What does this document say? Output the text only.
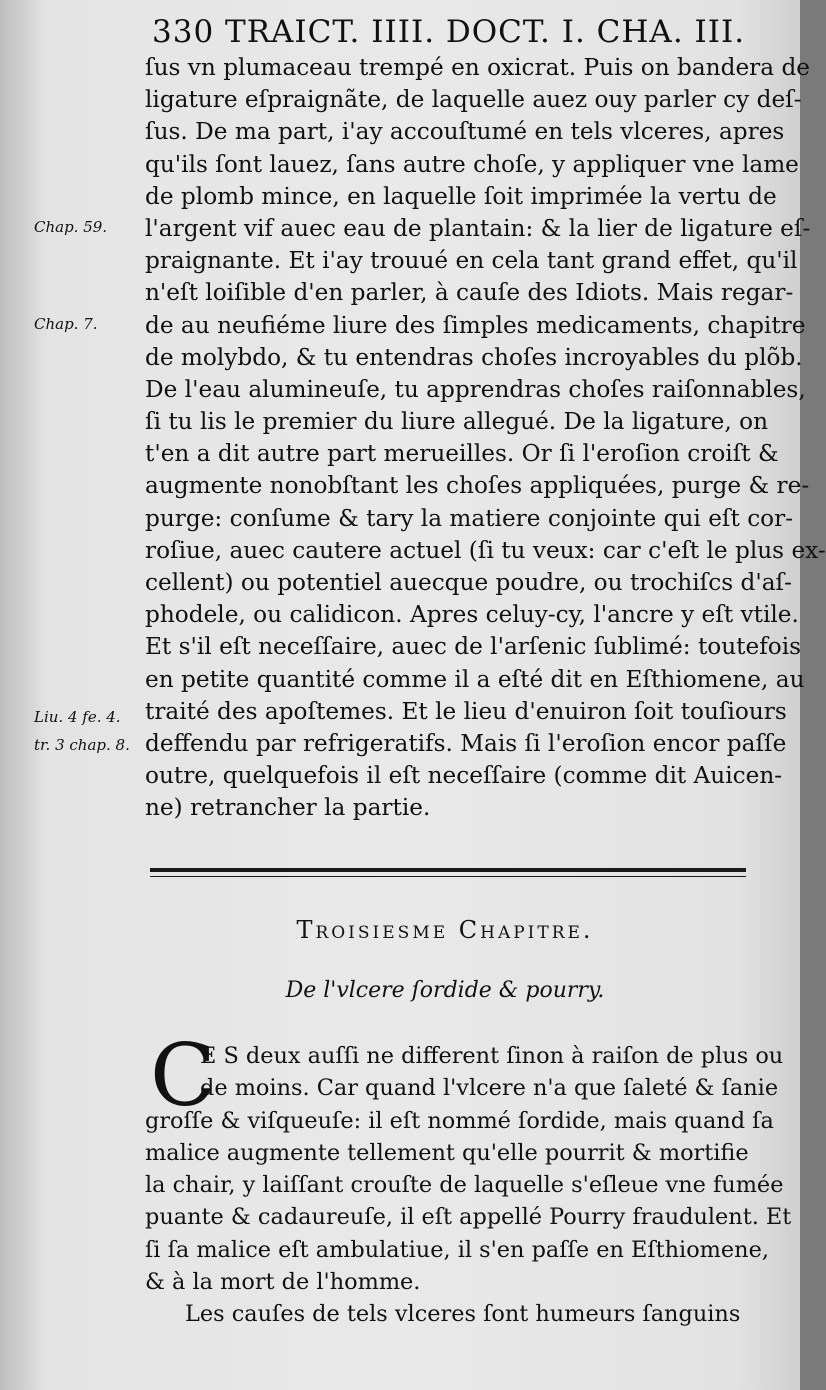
330 TRAICT. IIII. DOCT. I. CHA. III.
ſus vn plumaceau trempé en oxicrat. Puis on bandera de
ligature eſpraignãte, de laquelle auez ouy parler cy deſ-
ſus. De ma part, i'ay accouſtumé en tels vlceres, apres
qu'ils ſont lauez, ſans autre choſe, y appliquer vne lame
de plomb mince, en laquelle ſoit imprimée la vertu de
l'argent vif auec eau de plantain: & la lier de ligature eſ-
praignante. Et i'ay trouué en cela tant grand effet, qu'il
n'eſt loiſible d'en parler, à cauſe des Idiots. Mais regar-
de au neufiéme liure des ſimples medicaments, chapitre
de molybdo, & tu entendras choſes incroyables du plõb.
De l'eau alumineuſe, tu apprendras choſes raiſonnables,
ſi tu lis le premier du liure allegué. De la ligature, on
t'en a dit autre part merueilles. Or ſi l'eroſion croiſt &
augmente nonobſtant les choſes appliquées, purge & re-
purge: conſume & tary la matiere conjointe qui eſt cor-
roſiue, auec cautere actuel (ſi tu veux: car c'eſt le plus ex-
cellent) ou potentiel auecque poudre, ou trochiſcs d'aſ-
phodele, ou calidicon. Apres celuy-cy, l'ancre y eſt vtile.
Et s'il eſt neceſſaire, auec de l'arſenic ſublimé: toutefois
en petite quantité comme il a eſté dit en Eſthiomene, au
traité des apoſtemes. Et le lieu d'enuiron ſoit touſiours
deffendu par refrigeratifs. Mais ſi l'eroſion encor paſſe
outre, quelquefois il eſt neceſſaire (comme dit Auicen-
ne) retrancher la partie.
Chap. 59.
Chap. 7.
Liu. 4 fe. 4.
tr. 3 chap. 8.
Troisiesme Chapitre.
De l'vlcere ſordide & pourry.
C
E S deux auſſi ne different ſinon à raiſon de plus ou
de moins. Car quand l'vlcere n'a que ſaleté & ſanie
groſſe & viſqueuſe: il eſt nommé ſordide, mais quand ſa
malice augmente tellement qu'elle pourrit & mortifie
la chair, y laiſſant crouſte de laquelle s'eſleue vne fumée
puante & cadaureuſe, il eſt appellé Pourry fraudulent. Et
ſi ſa malice eſt ambulatiue, il s'en paſſe en Eſthiomene,
& à la mort de l'homme.
Les cauſes de tels vlceres ſont humeurs ſanguins
